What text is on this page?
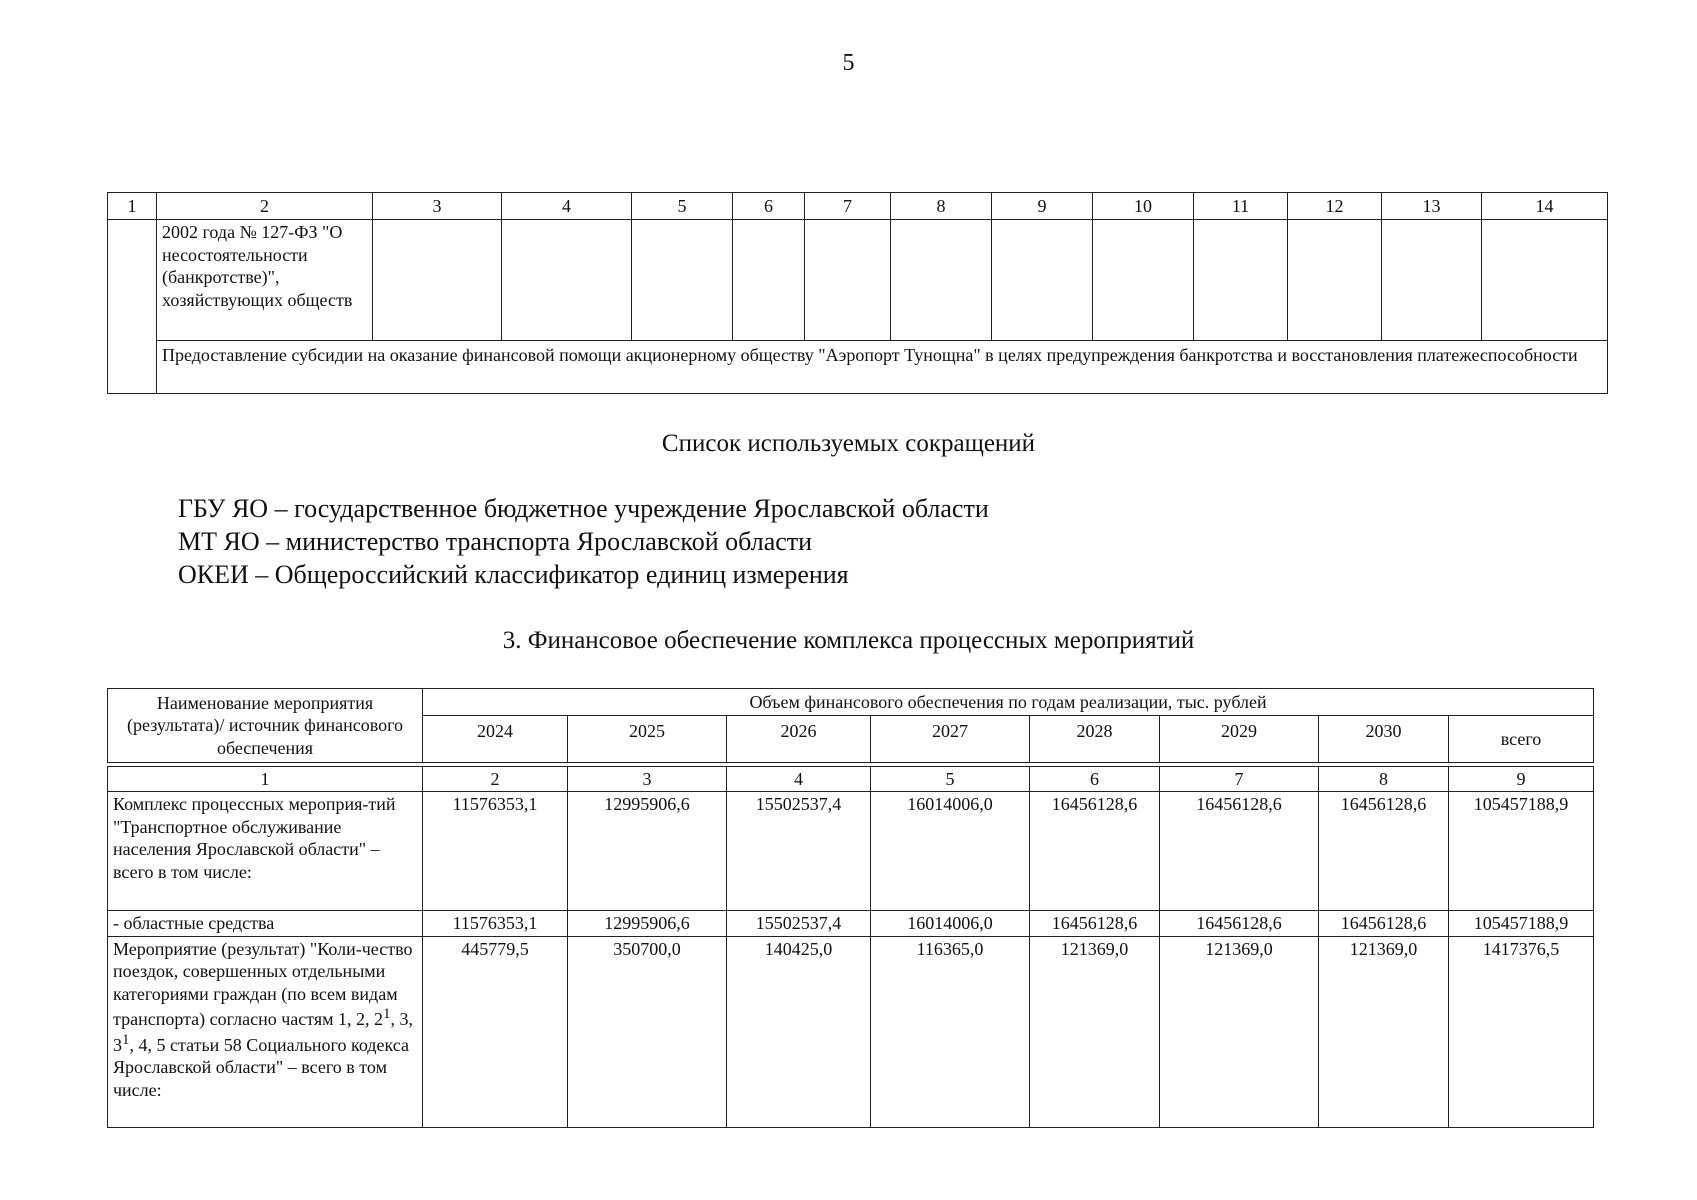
5
1	2	3	4	5	6	7	8	9	10	11	12	13	14
	2002 года № 127-ФЗ "О несостоятельности (банкротстве)", хозяйствующих обществ												
	Предоставление субсидии на оказание финансовой помощи акционерному обществу "Аэропорт Тунощна" в целях предупреждения банкротства и восстановления платежеспособности												
Список используемых сокращений
ГБУ ЯО – государственное бюджетное учреждение Ярославской области
МТ ЯО – министерство транспорта Ярославской области
ОКЕИ – Общероссийский классификатор единиц измерения
3. Финансовое обеспечение комплекса процессных мероприятий
Наименование мероприятия (результата)/ источник финансового обеспечения	Объем финансового обеспечения по годам реализации, тыс. рублей							
	2024	2025	2026	2027	2028	2029	2030	всего

1	2	3	4	5	6	7	8	9
Комплекс процессных мероприя-тий "Транспортное обслуживание населения Ярославской области" – всего в том числе:	11576353,1	12995906,6	15502537,4	16014006,0	16456128,6	16456128,6	16456128,6	105457188,9
- областные средства	11576353,1	12995906,6	15502537,4	16014006,0	16456128,6	16456128,6	16456128,6	105457188,9
Мероприятие (результат) "Коли-чество поездок, совершенных отдельными категориями граждан (по всем видам транспорта) согласно частям 1, 2, $2^1$, 3, $3^1$, 4, 5 статьи 58 Социального кодекса Ярославской области" – всего в том числе:	445779,5	350700,0	140425,0	116365,0	121369,0	121369,0	121369,0	1417376,5
